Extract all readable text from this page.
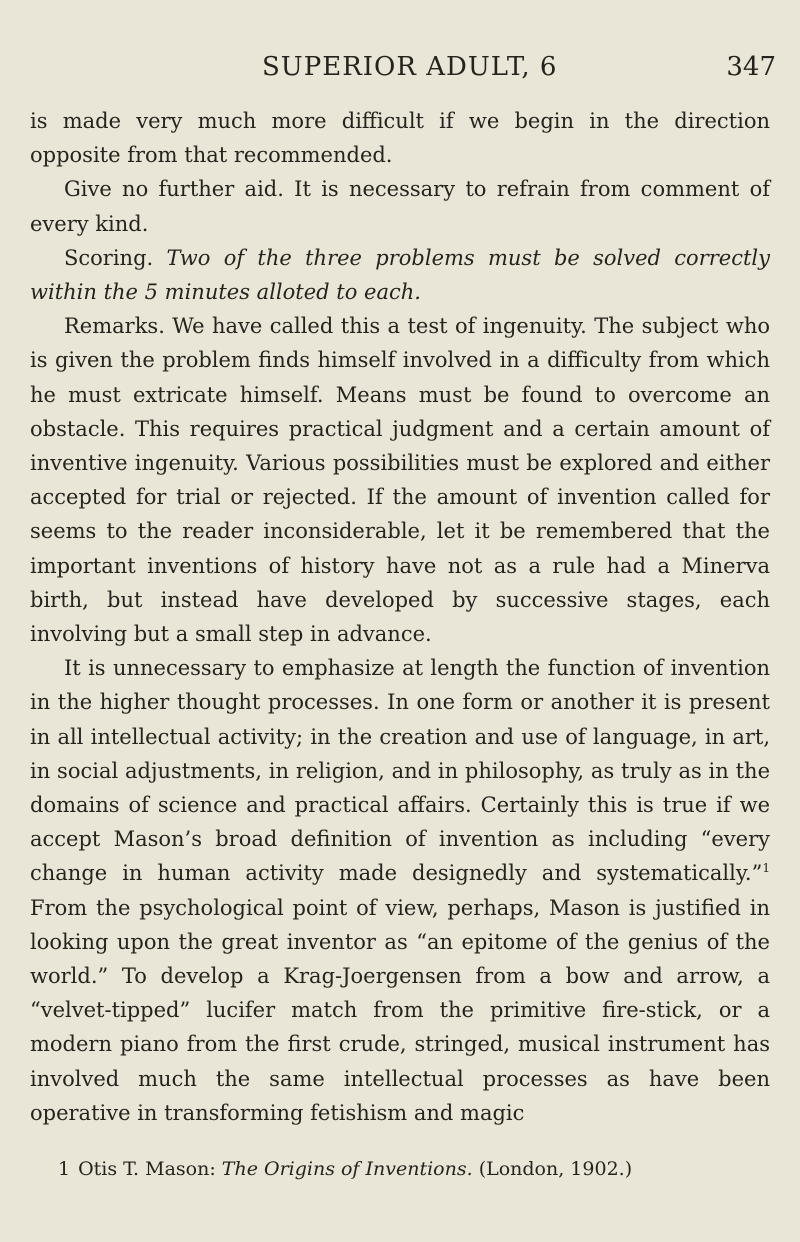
SUPERIOR ADULT, 6	347

is made very much more difficult if we begin in the direction opposite from that recommended.

Give no further aid. It is necessary to refrain from comment of every kind.

Scoring. Two of the three problems must be solved correctly within the 5 minutes alloted to each.

Remarks. We have called this a test of ingenuity. The subject who is given the problem finds himself involved in a difficulty from which he must extricate himself. Means must be found to overcome an obstacle. This requires practical judgment and a certain amount of inventive ingenuity. Various possibilities must be explored and either accepted for trial or rejected. If the amount of invention called for seems to the reader inconsiderable, let it be remembered that the important inventions of history have not as a rule had a Minerva birth, but instead have developed by successive stages, each involving but a small step in advance.

It is unnecessary to emphasize at length the function of invention in the higher thought processes. In one form or another it is present in all intellectual activity; in the creation and use of language, in art, in social adjustments, in religion, and in philosophy, as truly as in the domains of science and practical affairs. Certainly this is true if we accept Mason’s broad definition of invention as including “every change in human activity made designedly and systematically.”$^1$ From the psychological point of view, perhaps, Mason is justified in looking upon the great inventor as “an epitome of the genius of the world.” To develop a Krag-Joergensen from a bow and arrow, a “velvet-tipped” lucifer match from the primitive fire-stick, or a modern piano from the first crude, stringed, musical instrument has involved much the same intellectual processes as have been operative in transforming fetishism and magic

1 Otis T. Mason: The Origins of Inventions. (London, 1902.)
